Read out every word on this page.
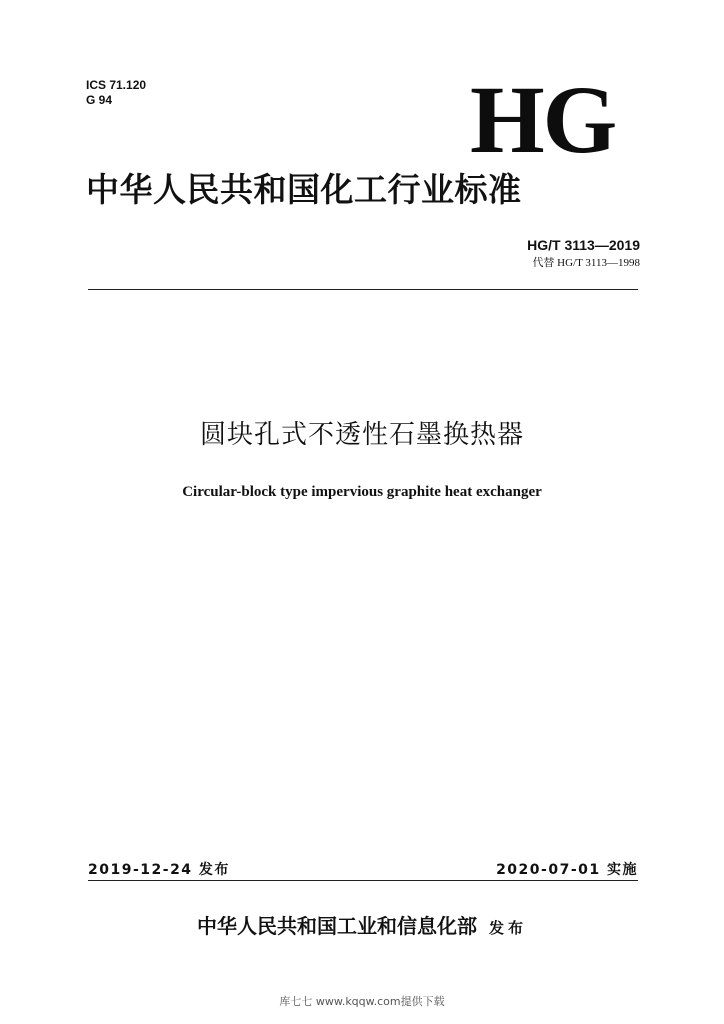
ICS 71.120
G 94	HG
中华人民共和国化工行业标准
HG/T 3113—2019
代替 HG/T 3113—1998
圆块孔式不透性石墨换热器
Circular-block type impervious graphite heat exchanger
2019-12-24 发布	2020-07-01 实施
中华人民共和国工业和信息化部 发布
库七七 www.kqqw.com提供下载
